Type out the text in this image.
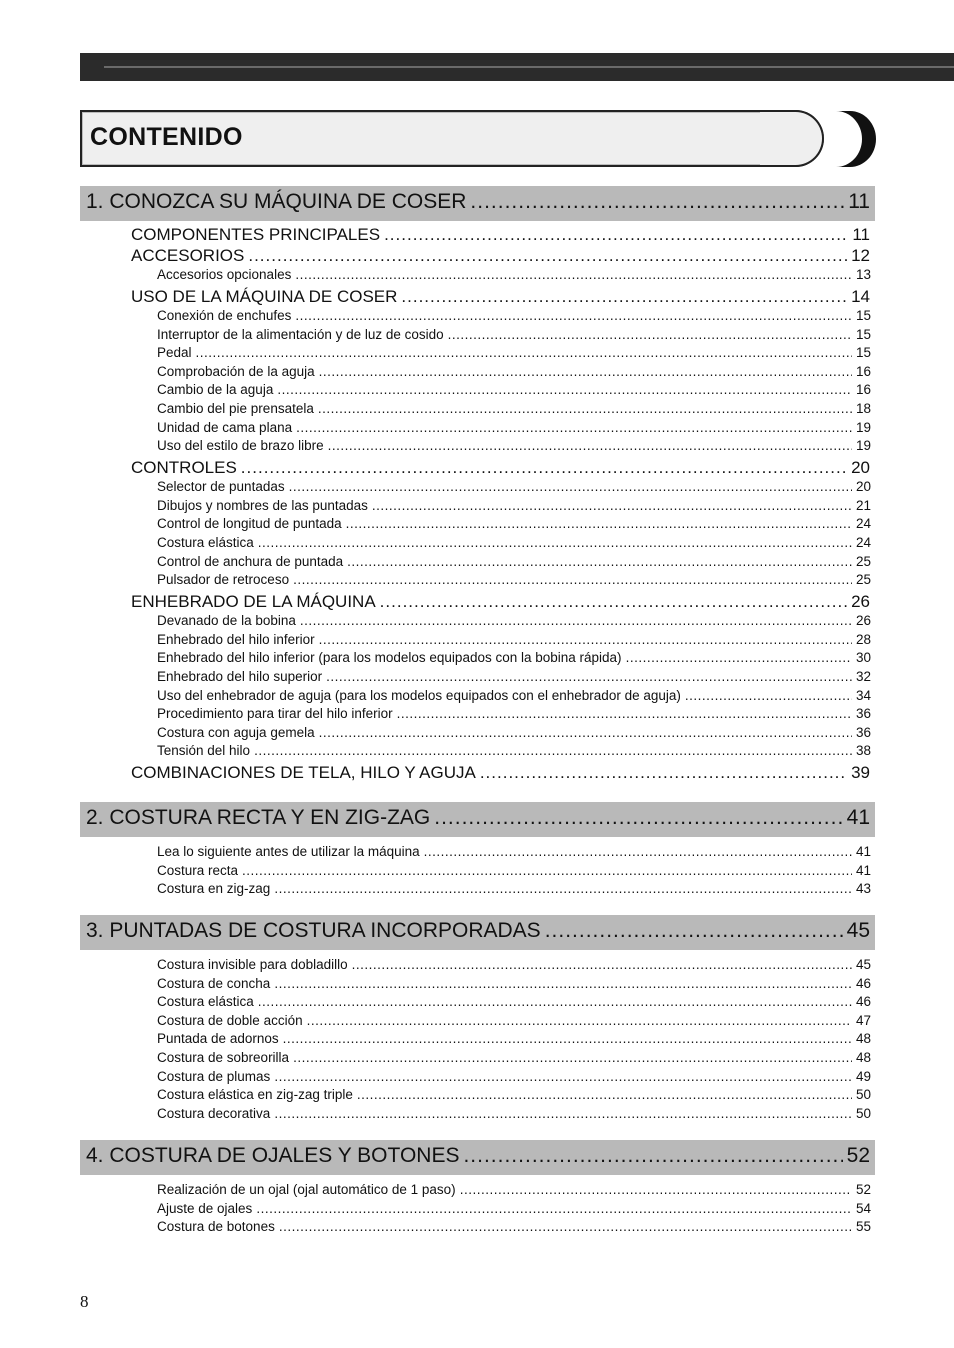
CONTENIDO
1. CONOZCA SU MÁQUINA DE COSER .....	11
COMPONENTES PRINCIPALES .....	11
ACCESORIOS .....	12
Accesorios opcionales .....	13
USO DE LA MÁQUINA DE COSER .....	14
Conexión de enchufes .....	15
Interruptor de la alimentación y de luz de cosido .....	15
Pedal .....	15
Comprobación de la aguja .....	16
Cambio de la aguja .....	16
Cambio del pie prensatela .....	18
Unidad de cama plana .....	19
Uso del estilo de brazo libre .....	19
CONTROLES .....	20
Selector de puntadas .....	20
Dibujos y nombres de las puntadas .....	21
Control de longitud de puntada .....	24
Costura elástica .....	24
Control de anchura de puntada .....	25
Pulsador de retroceso .....	25
ENHEBRADO DE LA MÁQUINA .....	26
Devanado de la bobina .....	26
Enhebrado del hilo inferior .....	28
Enhebrado del hilo inferior (para los modelos equipados con la bobina rápida) .....	30
Enhebrado del hilo superior .....	32
Uso del enhebrador de aguja (para los modelos equipados con el enhebrador de aguja) .....	34
Procedimiento para tirar del hilo inferior .....	36
Costura con aguja gemela .....	36
Tensión del hilo .....	38
COMBINACIONES DE TELA, HILO Y AGUJA .....	39
2. COSTURA RECTA Y EN ZIG-ZAG .....	41
Lea lo siguiente antes de utilizar la máquina .....	41
Costura recta .....	41
Costura en zig-zag .....	43
3. PUNTADAS DE COSTURA INCORPORADAS .....	45
Costura invisible para dobladillo .....	45
Costura de concha .....	46
Costura elástica .....	46
Costura de doble acción .....	47
Puntada de adornos .....	48
Costura de sobreorilla .....	48
Costura de plumas .....	49
Costura elástica en zig-zag triple .....	50
Costura decorativa .....	50
4. COSTURA DE OJALES Y BOTONES .....	52
Realización de un ojal (ojal automático de 1 paso) .....	52
Ajuste de ojales .....	54
Costura de botones .....	55
8
